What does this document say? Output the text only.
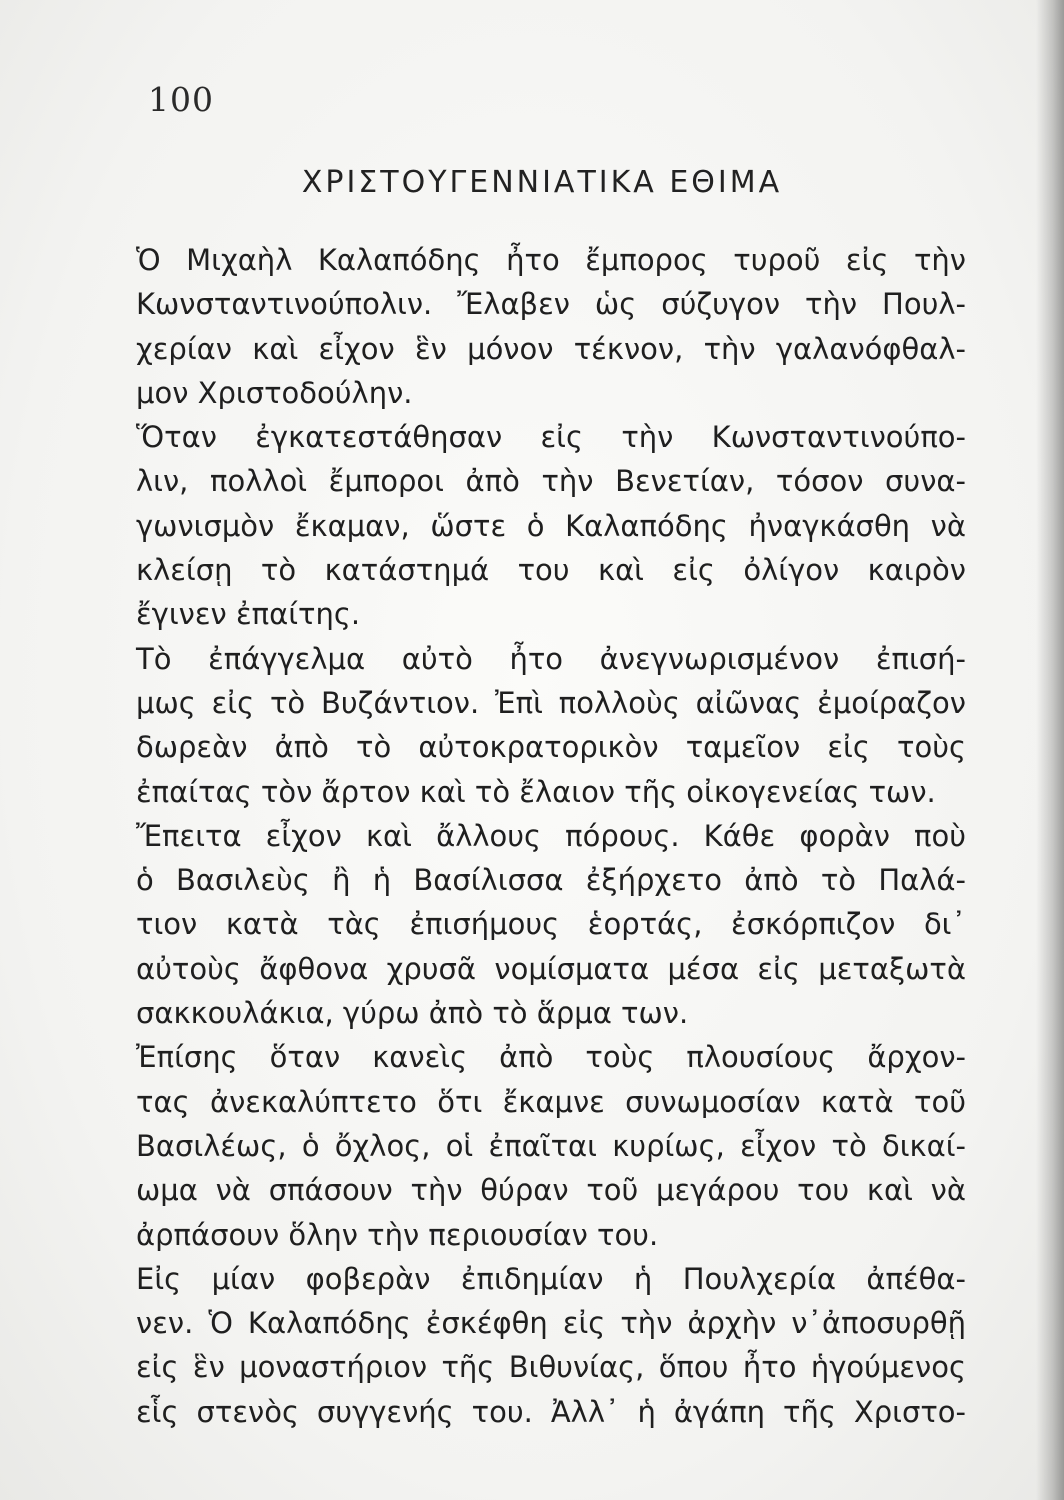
100
ΧΡΙΣΤΟΥΓΕΝΝΙΑΤΙΚΑ ΕΘΙΜΑ
Ὁ Μιχαὴλ Καλαπόδης ἦτο ἔμπορος τυροῦ εἰς τὴν
Κωνσταντινούπολιν. Ἔλαβεν ὡς σύζυγον τὴν Πουλ-
χερίαν καὶ εἶχον ἓν μόνον τέκνον, τὴν γαλανόφθαλ-
μον Χριστοδούλην.
Ὅταν ἐγκατεστάθησαν εἰς τὴν Κωνσταντινούπο-
λιν, πολλοὶ ἔμποροι ἀπὸ τὴν Βενετίαν, τόσον συνα-
γωνισμὸν ἔκαμαν, ὥστε ὁ Καλαπόδης ἠναγκάσθη νὰ
κλείσῃ τὸ κατάστημά του καὶ εἰς ὀλίγον καιρὸν
ἔγινεν ἐπαίτης.
Τὸ ἐπάγγελμα αὐτὸ ἦτο ἀνεγνωρισμένον ἐπισή-
μως εἰς τὸ Βυζάντιον. Ἐπὶ πολλοὺς αἰῶνας ἐμοίραζον
δωρεὰν ἀπὸ τὸ αὐτοκρατορικὸν ταμεῖον εἰς τοὺς
ἐπαίτας τὸν ἄρτον καὶ τὸ ἔλαιον τῆς οἰκογενείας των.
Ἔπειτα εἶχον καὶ ἄλλους πόρους. Κάθε φορὰν ποὺ
ὁ Βασιλεὺς ἢ ἡ Βασίλισσα ἐξήρχετο ἀπὸ τὸ Παλά-
τιον κατὰ τὰς ἐπισήμους ἑορτάς, ἐσκόρπιζον δι᾽
αὐτοὺς ἄφθονα χρυσᾶ νομίσματα μέσα εἰς μεταξωτὰ
σακκουλάκια, γύρω ἀπὸ τὸ ἅρμα των.
Ἐπίσης ὅταν κανεὶς ἀπὸ τοὺς πλουσίους ἄρχον-
τας ἀνεκαλύπτετο ὅτι ἔκαμνε συνωμοσίαν κατὰ τοῦ
Βασιλέως, ὁ ὄχλος, οἱ ἐπαῖται κυρίως, εἶχον τὸ δικαί-
ωμα νὰ σπάσουν τὴν θύραν τοῦ μεγάρου του καὶ νὰ
ἀρπάσουν ὅλην τὴν περιουσίαν του.
Εἰς μίαν φοβερὰν ἐπιδημίαν ἡ Πουλχερία ἀπέθα-
νεν. Ὁ Καλαπόδης ἐσκέφθη εἰς τὴν ἀρχὴν ν᾽ἀποσυρθῇ
εἰς ἓν μοναστήριον τῆς Βιθυνίας, ὅπου ἦτο ἡγούμενος
εἷς στενὸς συγγενής του. Ἀλλ᾽ ἡ ἀγάπη τῆς Χριστο-
